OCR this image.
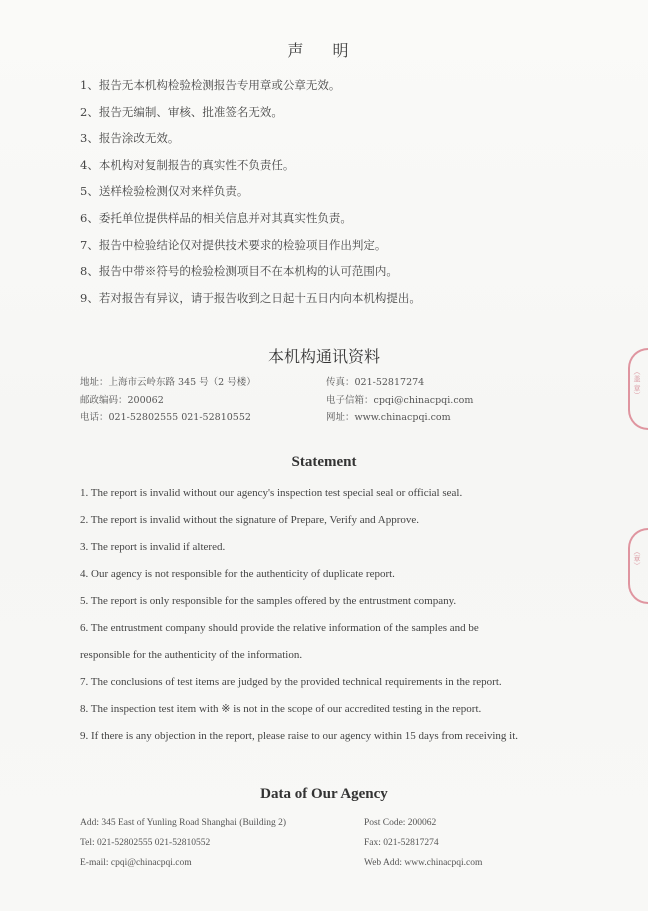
声 明
1、报告无本机构检验检测报告专用章或公章无效。
2、报告无编制、审核、批准签名无效。
3、报告涂改无效。
4、本机构对复制报告的真实性不负责任。
5、送样检验检测仅对来样负责。
6、委托单位提供样品的相关信息并对其真实性负责。
7、报告中检验结论仅对提供技术要求的检验项目作出判定。
8、报告中带※符号的检验检测项目不在本机构的认可范围内。
9、若对报告有异议，请于报告收到之日起十五日内向本机构提出。
本机构通讯资料
地址：上海市云岭东路 345 号（2 号楼）
邮政编码：200062
电话：021-52802555 021-52810552
传真：021-52817274
电子信箱：cpqi@chinacpqi.com
网址：www.chinacpqi.com
Statement
1. The report is invalid without our agency's inspection test special seal or official seal.
2. The report is invalid without the signature of Prepare, Verify and Approve.
3. The report is invalid if altered.
4. Our agency is not responsible for the authenticity of duplicate report.
5. The report is only responsible for the samples offered by the entrustment company.
6. The entrustment company should provide the relative information of the samples and be
responsible for the authenticity of the information.
7. The conclusions of test items are judged by the provided technical requirements in the report.
8. The inspection test item with ※ is not in the scope of our accredited testing in the report.
9. If there is any objection in the report, please raise to our agency within 15 days from receiving it.
Data of Our Agency
Add: 345 East of Yunling Road Shanghai (Building 2)
Tel: 021-52802555 021-52810552
E-mail: cpqi@chinacpqi.com
Post Code: 200062
Fax: 021-52817274
Web Add: www.chinacpqi.com
（盖 章）
（章）
